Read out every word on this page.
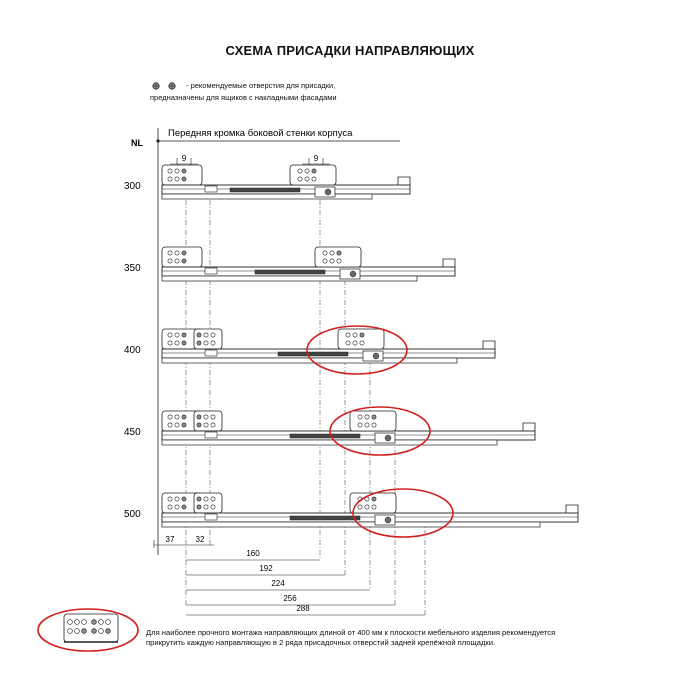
СХЕМА ПРИСАДКИ НАПРАВЛЯЮЩИХ
- рекомендуемые отверстия для присадки,
предназначены для ящиков с накладными фасадами
NL
Передняя кромка боковой стенки корпуса
9	9
300
350
400
450
500
37	32
160
192
224
256
288
Для наиболее прочного монтажа направляющих длиной от 400 мм к плоскости мебельного изделия рекомендуется
прикрутить каждую направляющую в 2 ряда присадочных отверстий задней крепёжной площадки.
